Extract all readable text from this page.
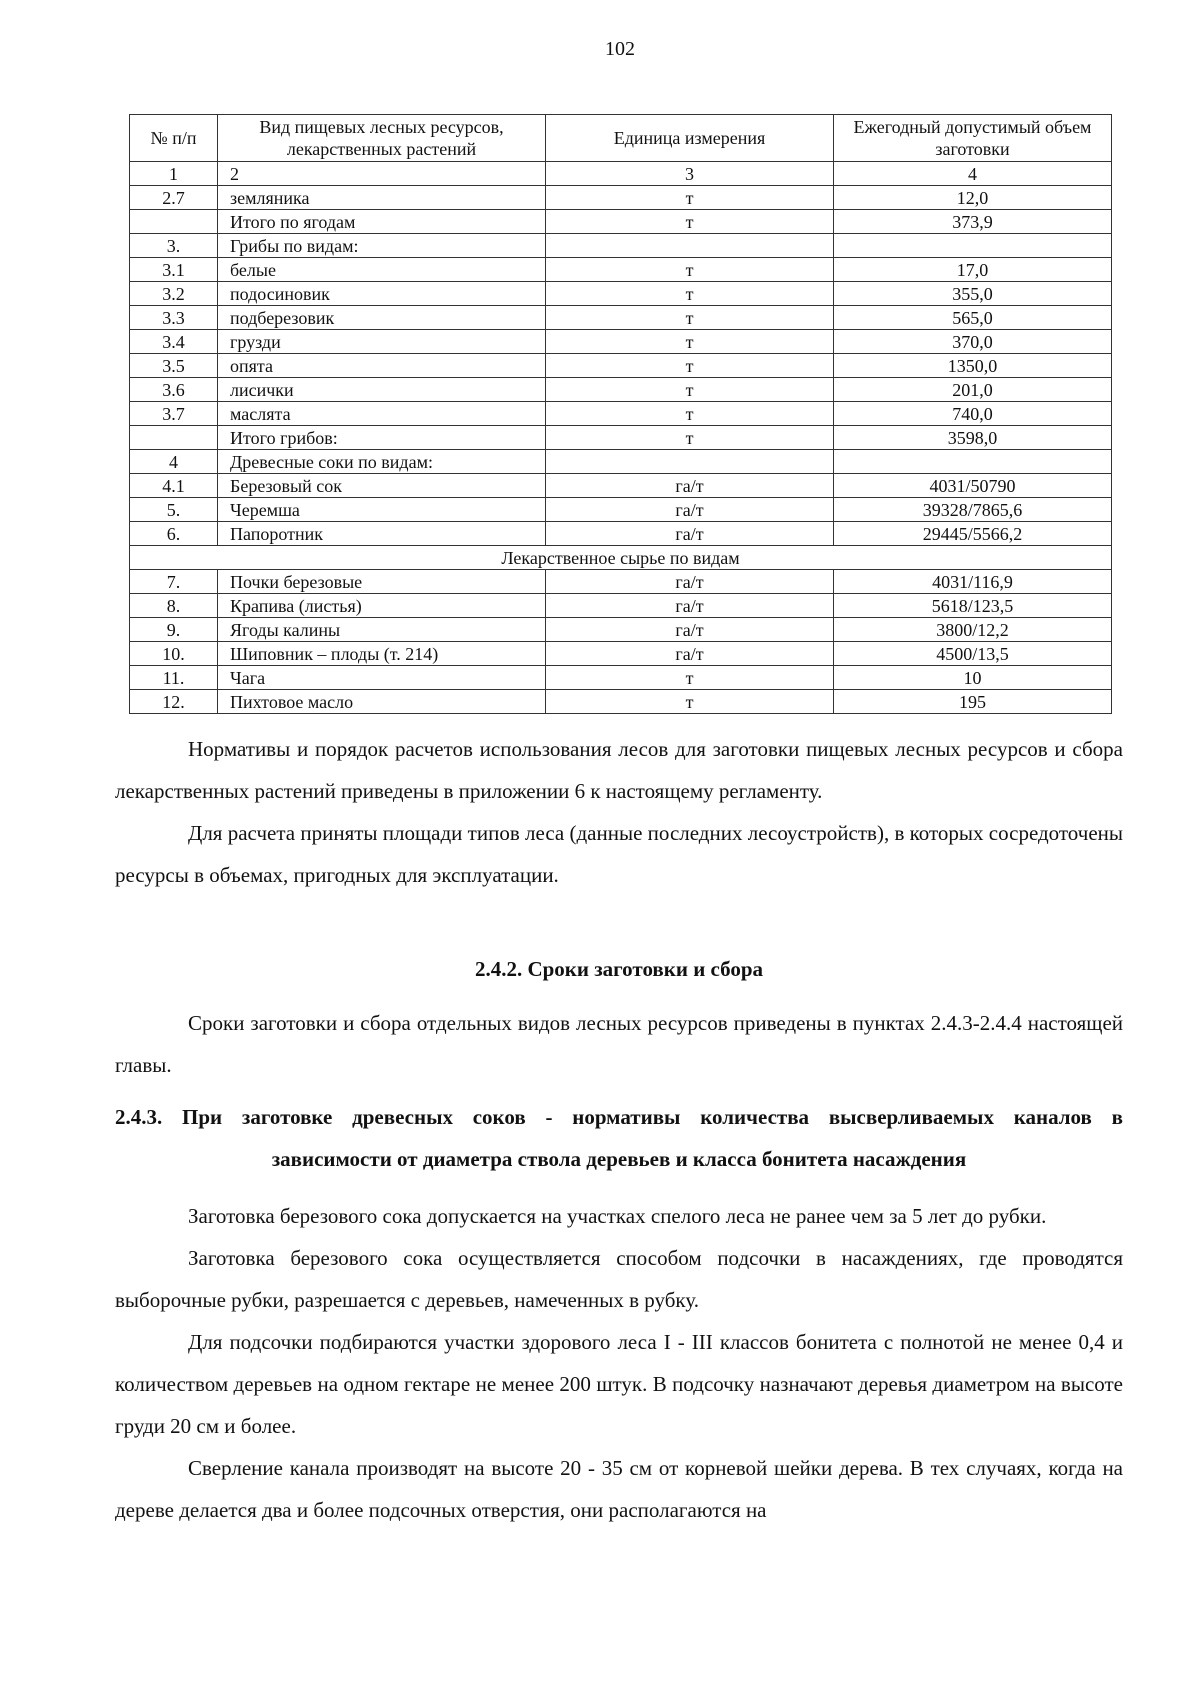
102
№ п/п	Вид пищевых лесных ресурсов, лекарственных растений	Единица измерения	Ежегодный допустимый объем заготовки
1	2	3	4
2.7	земляника	т	12,0
	Итого по ягодам	т	373,9
3.	Грибы по видам:		
3.1	белые	т	17,0
3.2	подосиновик	т	355,0
3.3	подберезовик	т	565,0
3.4	грузди	т	370,0
3.5	опята	т	1350,0
3.6	лисички	т	201,0
3.7	маслята	т	740,0
	Итого грибов:	т	3598,0
4	Древесные соки по видам:		
4.1	Березовый сок	га/т	4031/50790
5.	Черемша	га/т	39328/7865,6
6.	Папоротник	га/т	29445/5566,2
Лекарственное сырье по видам			
7.	Почки березовые	га/т	4031/116,9
8.	Крапива (листья)	га/т	5618/123,5
9.	Ягоды калины	га/т	3800/12,2
10.	Шиповник – плоды (т. 214)	га/т	4500/13,5
11.	Чага	т	10
12.	Пихтовое масло	т	195

Нормативы и порядок расчетов использования лесов для заготовки пищевых лесных ресурсов и сбора лекарственных растений приведены в приложении 6 к настоящему регламенту.

Для расчета приняты площади типов леса (данные последних лесоустройств), в которых сосредоточены ресурсы в объемах, пригодных для эксплуатации.

2.4.2. Сроки заготовки и сбора

Сроки заготовки и сбора отдельных видов лесных ресурсов приведены в пунктах 2.4.3-2.4.4 настоящей главы.

2.4.3. При заготовке древесных соков - нормативы количества высверливаемых каналов в
зависимости от диаметра ствола деревьев и класса бонитета насаждения

Заготовка березового сока допускается на участках спелого леса не ранее чем за 5 лет до рубки.

Заготовка березового сока осуществляется способом подсочки в насаждениях, где проводятся выборочные рубки, разрешается с деревьев, намеченных в рубку.

Для подсочки подбираются участки здорового леса I - III классов бонитета с полнотой не менее 0,4 и количеством деревьев на одном гектаре не менее 200 штук. В подсочку назначают деревья диаметром на высоте груди 20 см и более.

Сверление канала производят на высоте 20 - 35 см от корневой шейки дерева. В тех случаях, когда на дереве делается два и более подсочных отверстия, они располагаются на
